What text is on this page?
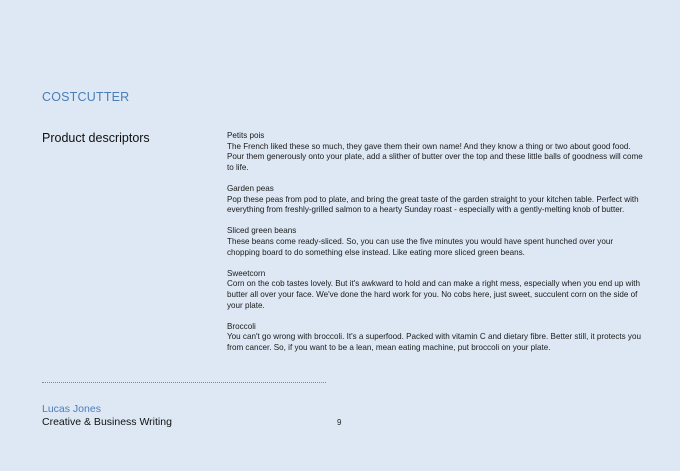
COSTCUTTER
Product descriptors	Petits pois
The French liked these so much, they gave them their own name! And they know a thing or two about good food. Pour them generously onto your plate, add a slither of butter over the top and these little balls of goodness will come to life.
Garden peas
Pop these peas from pod to plate, and bring the great taste of the garden straight to your kitchen table. Perfect with everything from freshly-grilled salmon to a hearty Sunday roast - especially with a gently-melting knob of butter.
Sliced green beans
These beans come ready-sliced. So, you can use the five minutes you would have spent hunched over your chopping board to do something else instead. Like eating more sliced green beans.
Sweetcorn
Corn on the cob tastes lovely. But it's awkward to hold and can make a right mess, especially when you end up with butter all over your face. We've done the hard work for you. No cobs here, just sweet, succulent corn on the side of your plate.
Broccoli
You can't go wrong with broccoli. It's a superfood. Packed with vitamin C and dietary fibre. Better still, it protects you from cancer. So, if you want to be a lean, mean eating machine, put broccoli on your plate.
Lucas Jones
Creative & Business Writing	9
